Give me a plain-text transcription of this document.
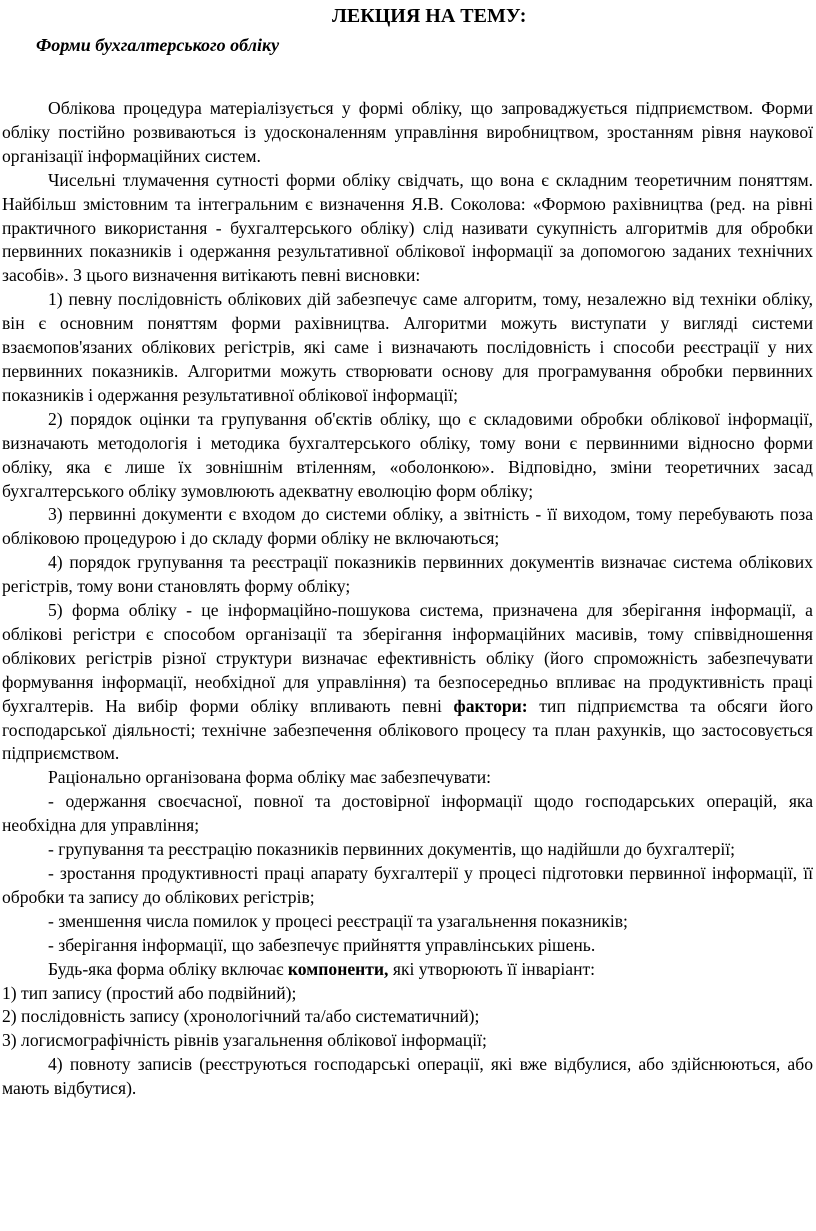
ЛЕКЦИЯ НА ТЕМУ:
Форми бухгалтерського обліку

Облікова процедура матеріалізується у формі обліку, що запроваджується підприємством. Форми обліку постійно розвиваються із удосконаленням управління виробництвом, зростанням рівня наукової організації інформаційних систем.

Чисельні тлумачення сутності форми обліку свідчать, що вона є складним теоретичним поняттям. Найбільш змістовним та інтегральним є визначення Я.В. Соколова: «Формою рахівництва (ред. на рівні практичного використання - бухгалтерського обліку) слід називати сукупність алгоритмів для обробки первинних показників і одержання результативної облікової інформації за допомогою заданих технічних засобів». З цього визначення витікають певні висновки:

1) певну послідовність облікових дій забезпечує саме алгоритм, тому, незалежно від техніки обліку, він є основним поняттям форми рахівництва. Алгоритми можуть виступати у вигляді системи взаємопов'язаних облікових регістрів, які саме і визначають послідовність і способи реєстрації у них первинних показників. Алгоритми можуть створювати основу для програмування обробки первинних показників і одержання результативної облікової інформації;

2) порядок оцінки та групування об'єктів обліку, що є складовими обробки облікової інформації, визначають методологія і методика бухгалтерського обліку, тому вони є первинними відносно форми обліку, яка є лише їх зовнішнім втіленням, «оболонкою». Відповідно, зміни теоретичних засад бухгалтерського обліку зумовлюють адекватну еволюцію форм обліку;

3) первинні документи є входом до системи обліку, а звітність - її виходом, тому перебувають поза обліковою процедурою і до складу форми обліку не включаються;

4) порядок групування та реєстрації показників первинних документів визначає система облікових регістрів, тому вони становлять форму обліку;

5) форма обліку - це інформаційно-пошукова система, призначена для зберігання інформації, а облікові регістри є способом організації та зберігання інформаційних масивів, тому співвідношення облікових регістрів різної структури визначає ефективність обліку (його спроможність забезпечувати формування інформації, необхідної для управління) та безпосередньо впливає на продуктивність праці бухгалтерів. На вибір форми обліку впливають певні фактори: тип підприємства та обсяги його господарської діяльності; технічне забезпечення облікового процесу та план рахунків, що застосовується підприємством.

Раціонально організована форма обліку має забезпечувати:

- одержання своєчасної, повної та достовірної інформації щодо господарських операцій, яка необхідна для управління;

- групування та реєстрацію показників первинних документів, що надійшли до бухгалтерії;

- зростання продуктивності праці апарату бухгалтерії у процесі підготовки первинної інформації, її обробки та запису до облікових регістрів;

- зменшення числа помилок у процесі реєстрації та узагальнення показників;

- зберігання інформації, що забезпечує прийняття управлінських рішень.

Будь-яка форма обліку включає компоненти, які утворюють її інваріант:

1) тип запису (простий або подвійний);

2) послідовність запису (хронологічний та/або систематичний);

3) логисмографічність рівнів узагальнення облікової інформації;

4) повноту записів (реєструються господарські операції, які вже відбулися, або здійснюються, або мають відбутися).
